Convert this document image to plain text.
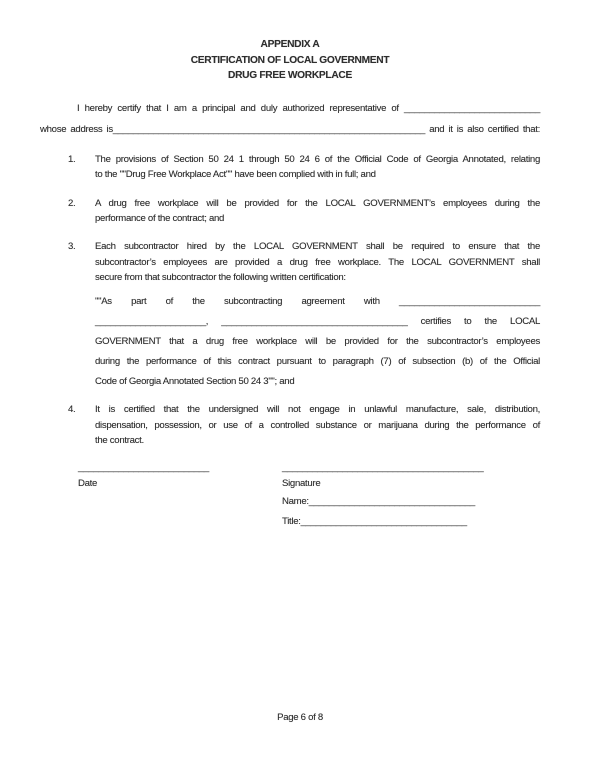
APPENDIX A
CERTIFICATION OF LOCAL GOVERNMENT
DRUG FREE WORKPLACE
I hereby certify that I am a principal and duly authorized representative of ___________________________
whose address is______________________________________________________________ and it is also certified that:
1.	The provisions of Section 50 24 1 through 50 24 6 of the Official Code of Georgia Annotated, relating
to the ""Drug Free Workplace Act"" have been complied with in full; and
2.	A drug free workplace will be provided for the LOCAL GOVERNMENT’s employees during the
performance of the contract; and
3.	Each subcontractor hired by the LOCAL GOVERNMENT shall be required to ensure that the
subcontractor’s employees are provided a drug free workplace. The LOCAL GOVERNMENT shall
secure from that subcontractor the following written certification:
""As part of the subcontracting agreement with ____________________________
______________________, _____________________________________ certifies to the LOCAL
GOVERNMENT that a drug free workplace will be provided for the subcontractor’s employees
during the performance of this contract pursuant to paragraph (7) of subsection (b) of the Official
Code of Georgia Annotated Section 50 24 3""; and
4.	It is certified that the undersigned will not engage in unlawful manufacture, sale, distribution,
dispensation, possession, or use of a controlled substance or marijuana during the performance of
the contract.
__________________________
Date
________________________________________
Signature
Name:_________________________________
Title:_________________________________
Page 6 of 8
